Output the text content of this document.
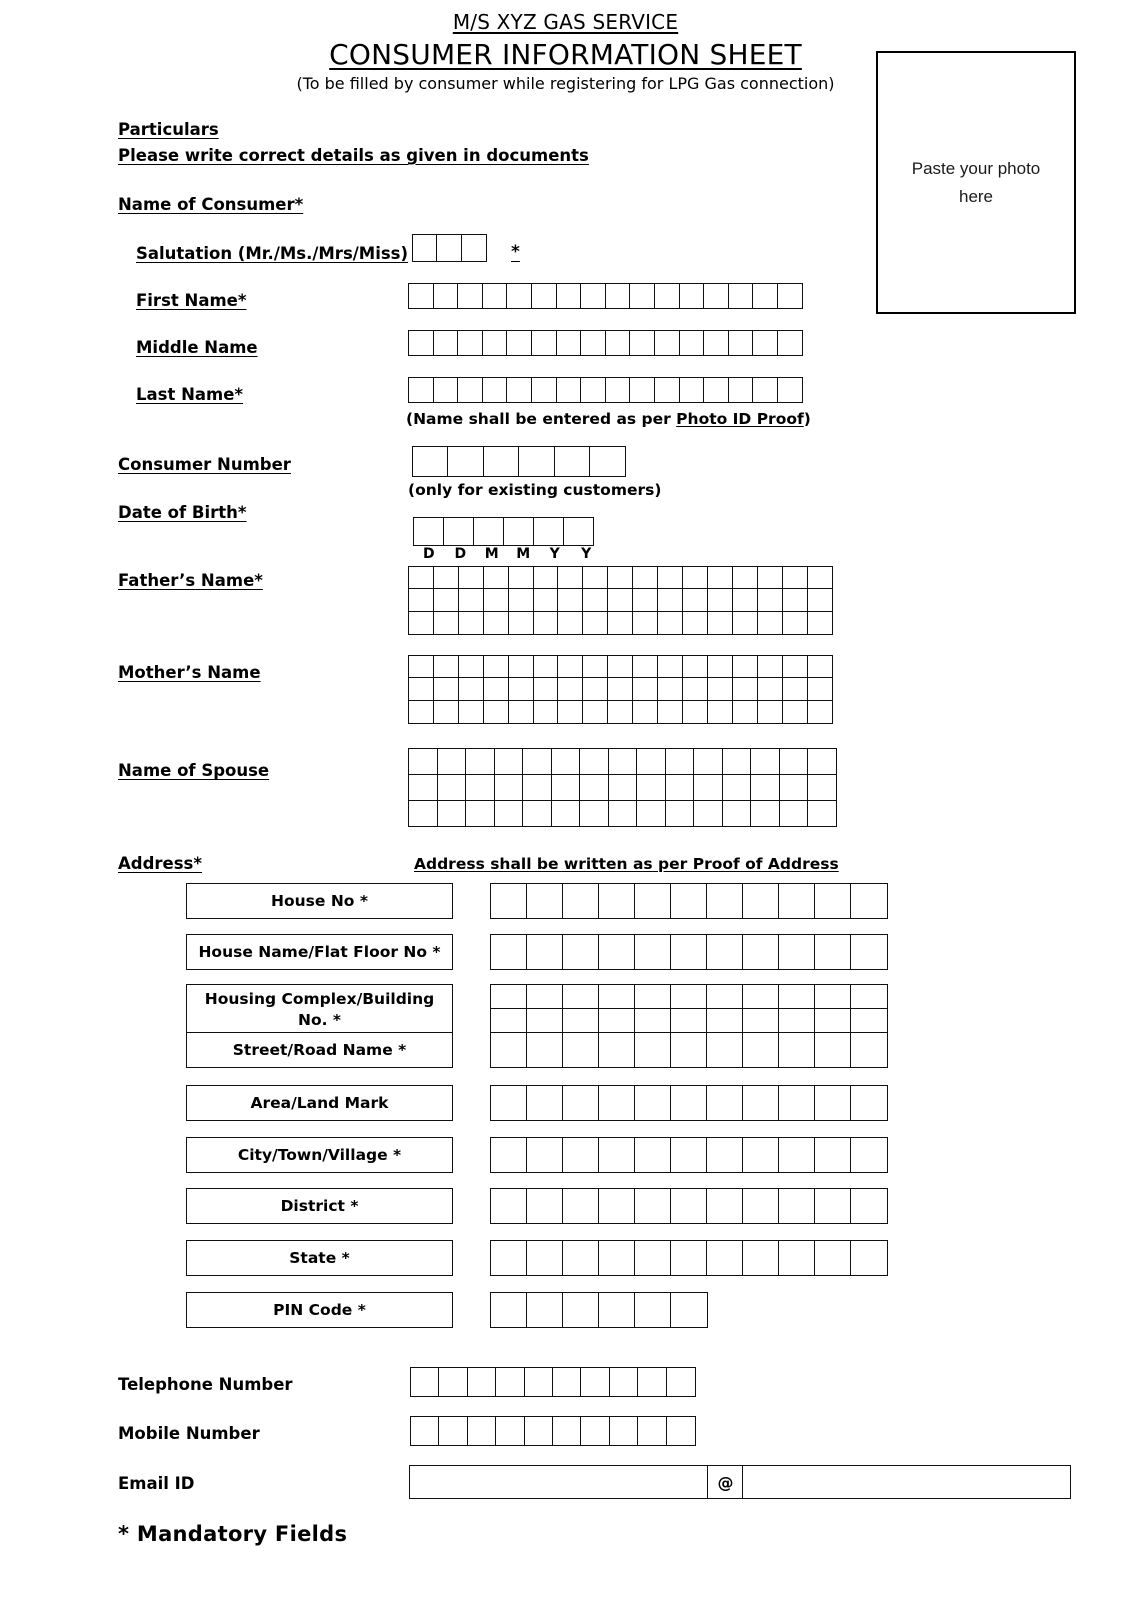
M/S XYZ GAS SERVICE
CONSUMER INFORMATION SHEET
(To be filled by consumer while registering for LPG Gas connection)
Paste your photo
here
Particulars
Please write correct details as given in documents
Name of Consumer*
Salutation (Mr./Ms./Mrs/Miss)	*
First Name*
Middle Name
Last Name*
(Name shall be entered as per Photo ID Proof)
Consumer Number
(only for existing customers)
Date of Birth*
D	D	M	M	Y	Y
Father’s Name*
Mother’s Name
Name of Spouse
Address*	Address shall be written as per Proof of Address
House No *
House Name/Flat Floor No *
Housing Complex/Building No. *
Street/Road Name *
Area/Land Mark
City/Town/Village *
District *
State *
PIN Code *
Telephone Number
Mobile Number
Email ID	@
* Mandatory Fields
